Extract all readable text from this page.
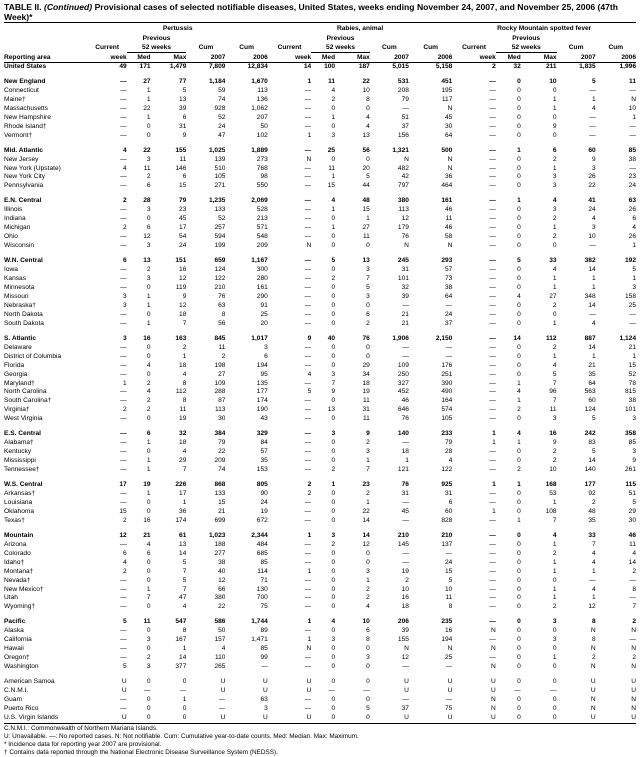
TABLE II. (Continued) Provisional cases of selected notifiable diseases, United States, weeks ending November 24, 2007, and November 25, 2006 (47th Week)*
	Pertussis					Rabies, animal					Rocky Mountain spotted fever				
		Previous					Previous					Previous			
	Current	52 weeks		Cum	Cum	Current	52 weeks		Cum	Cum	Current	52 weeks		Cum	Cum
Reporting area	week	Med	Max	2007	2006	week	Med	Max	2007	2006	week	Med	Max	2007	2006
United States	49	171	1,479	7,809	12,834	14	100	187	5,015	5,158	2	32	211	1,835	1,996

New England	—	27	77	1,184	1,670	1	11	22	531	451	—	0	10	5	11
Connecticut	—	1	5	59	113	—	4	10	208	195	—	0	0	—	—
Maine†	—	1	13	74	136	—	2	8	79	117	—	0	1	1	N
Massachusetts	—	22	39	928	1,062	—	0	0	—	N	—	0	1	4	10
New Hampshire	—	1	6	52	207	—	1	4	51	45	—	0	0	—	1
Rhode Island†	—	0	31	24	50	—	0	4	37	30	—	0	9	—	—
Vermont†	—	0	9	47	102	1	3	13	156	64	—	0	0	—	—

Mid. Atlantic	4	22	155	1,025	1,889	—	25	56	1,321	500	—	1	6	60	85
New Jersey	—	3	11	139	273	N	0	0	N	N	—	0	2	9	38
New York (Upstate)	4	11	146	510	768	—	11	20	482	N	—	0	1	3	—
New York City	—	2	6	105	98	—	1	5	42	36	—	0	3	26	23
Pennsylvania	—	6	15	271	550	—	15	44	797	464	—	0	3	22	24

E.N. Central	2	28	79	1,235	2,069	—	4	48	380	161	—	1	4	41	63
Illinois	—	3	23	133	528	—	1	15	113	46	—	0	3	24	26
Indiana	—	0	45	52	213	—	0	1	12	11	—	0	2	4	6
Michigan	2	6	17	257	571	—	1	27	179	46	—	0	1	3	4
Ohio	—	12	54	594	548	—	0	11	76	58	—	0	2	10	26
Wisconsin	—	3	24	199	209	N	0	0	N	N	—	0	0	—	1

W.N. Central	6	13	151	659	1,167	—	5	13	245	293	—	5	33	382	192
Iowa	—	2	16	124	300	—	0	3	31	57	—	0	4	14	5
Kansas	—	3	12	122	280	—	2	7	101	73	—	0	1	1	1
Minnesota	—	0	119	210	161	—	0	5	32	38	—	0	1	1	3
Missouri	3	1	9	76	290	—	0	3	39	64	—	4	27	348	158
Nebraska†	3	1	12	63	91	—	0	0	—	—	—	0	2	14	25
North Dakota	—	0	18	8	25	—	0	6	21	24	—	0	0	—	—
South Dakota	—	1	7	56	20	—	0	2	21	37	—	0	1	4	—

S. Atlantic	3	16	163	845	1,017	9	40	76	1,906	2,150	—	14	112	887	1,124
Delaware	—	0	2	11	3	—	0	0	—	—	—	0	2	14	21
District of Columbia	—	0	1	2	6	—	0	0	—	—	—	0	1	1	1
Florida	—	4	18	198	194	—	0	29	109	176	—	0	4	21	15
Georgia	—	0	4	27	95	4	3	34	250	251	—	0	5	35	52
Maryland†	1	2	8	109	135	—	7	18	327	390	—	1	7	64	78
North Carolina	—	4	112	288	177	5	9	19	452	490	—	4	96	563	815
South Carolina†	—	2	8	87	174	—	0	11	46	164	—	1	7	60	38
Virginia†	2	2	11	113	190	—	13	31	646	574	—	2	11	124	101
West Virginia	—	0	19	30	43	—	0	11	76	105	—	0	3	5	3

E.S. Central	—	6	32	384	329	—	3	9	140	233	1	4	16	242	358
Alabama†	—	1	18	79	84	—	0	2	—	79	1	1	9	83	85
Kentucky	—	0	4	22	57	—	0	3	18	28	—	0	2	5	3
Mississippi	—	1	29	209	35	—	0	1	1	4	—	0	2	14	9
Tennessee†	—	1	7	74	153	—	2	7	121	122	—	2	10	140	261

W.S. Central	17	19	226	868	805	2	1	23	76	925	1	1	168	177	115
Arkansas†	—	1	17	133	90	2	0	2	31	31	—	0	53	92	51
Louisiana	—	0	1	15	24	—	0	1	—	6	—	0	1	2	5
Oklahoma	15	0	36	21	19	—	0	22	45	60	1	0	108	48	29
Texas†	2	16	174	699	672	—	0	14	—	828	—	1	7	35	30

Mountain	12	21	61	1,023	2,344	1	3	14	210	210	—	0	4	33	46
Arizona	—	4	13	188	484	—	2	12	145	137	—	0	1	7	11
Colorado	6	6	14	277	685	—	0	0	—	—	—	0	2	4	4
Idaho†	4	0	5	38	85	—	0	0	—	24	—	0	1	4	14
Montana†	2	0	7	40	114	1	0	3	19	15	—	0	1	1	2
Nevada†	—	0	5	12	71	—	0	1	2	5	—	0	0	—	—
New Mexico†	—	1	7	66	130	—	0	2	10	10	—	0	1	4	8
Utah	—	7	47	380	700	—	0	2	16	11	—	0	1	1	—
Wyoming†	—	0	4	22	75	—	0	4	18	8	—	0	2	12	7

Pacific	5	11	547	586	1,744	1	4	10	206	235	—	0	3	8	2
Alaska	—	0	8	50	89	—	0	6	39	16	N	0	0	N	N
California	—	3	167	157	1,471	1	3	8	155	194	—	0	3	8	—
Hawaii	—	0	1	4	85	N	0	0	N	N	N	0	0	N	N
Oregon†	—	2	14	110	99	—	0	3	12	25	—	0	1	2	2
Washington	5	3	377	265	—	—	0	0	—	—	N	0	0	N	N

American Samoa	U	0	0	U	U	U	0	0	U	U	U	0	0	U	U
C.N.M.I.	U	—	—	U	U	U	—	—	U	U	U	—	—	U	U
Guam	—	0	1	—	63	—	0	0	—	—	N	0	0	N	N
Puerto Rico	—	0	0	—	3	—	0	5	37	75	N	0	0	N	N
U.S. Virgin Islands	U	0	0	U	U	U	0	0	U	U	U	0	0	U	U
C.N.M.I.: Commonwealth of Northern Mariana Islands.
U: Unavailable. —: No reported cases. N: Not notifiable. Cum: Cumulative year-to-date counts. Med: Median. Max: Maximum.
* Incidence data for reporting year 2007 are provisional.
† Contains data reported through the National Electronic Disease Surveillance System (NEDSS).
